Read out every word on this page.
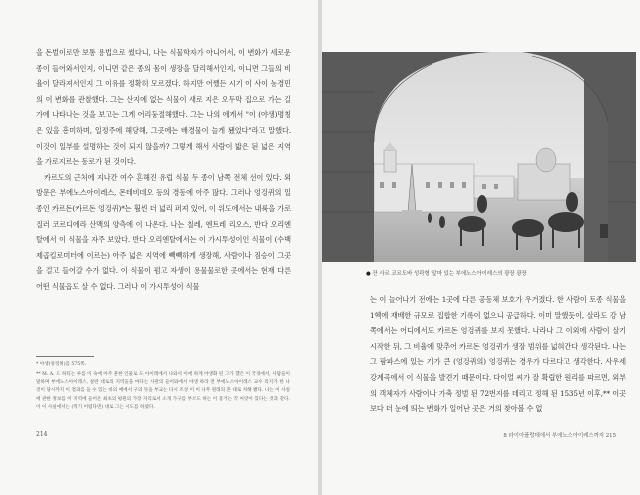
을 돈벌이로만 보통 용법으로 썼다니, 나는 식물학자가 아니어서, 이 변화가 세로운 종이 들어와서인지, 이니면 같은 종의 몸이 생장을 달리해서인지, 이니면 그들의 비율이 달라져서인지 그 이유를 정확히 모르겠다. 하지만 어쨌든 시기 이 사이 농경민의 이 변화를 관찰했다. 그는 산지에 없는 식물이 새로 지은 오두막 집으로 가는 길가에 나타나는 것을 보고는 그게 어리둥절해했다. 그는 나의 에게서 "이 (야생)명칭은 있을 흥미하며, 일정주에 해당해, 그곳에는 배경물이 늘게 됐었다"라고 말했다. 이것이 일부를 설명하는 것이 되지 않을까? 그렇게 해서 사람이 밟은 된 넓은 지역을 가로지르는 동로가 된 것이다.

카르도의 근처에 지나간 여수 흔해진 유럽 식물 두 종이 남쪽 전체 선이 있다. 외방문은 부에노스아이레스, 몬테비데오 등의 경동에 아주 많다. 그러나 엉겅퀴의 일종인 카르돈(카르돈 엉겅퀴)*는 훨씬 더 넓리 퍼져 있어, 이 위도에서는 내륙을 가로질러 코르디에라 산맥의 양측에 이 나온다. 나는 칠레, 엔트레 리오스, 반다 오리엔탈에서 이 식물을 자주 보았다. 반다 오리엔탈에서는 이 가시투성이인 식물이 (수백 제곱킬로미터에 이르는) 아주 넓은 지역에 빽빽하게 생장해, 사람이나 짐승이 그곳을 걸고 들어갈 수가 없다. 이 식물이 펌고 자생이 용물물로한 곳에서는 현재 다른 어떤 식물읍도 살 수 없다. 그러나 이 가시투성이 식물

* 야생(엉겅퀴)를 575쪽.
** M. A. 드 하티는 루를 이 속에 아주 흔한 인물로 도 아이레에서 나와서 이에 하게 야생화 된 그가 했은 이 국경에서, 사람들이 말하며 부에노스아이레스, 살란 대로의 지역들을 마다는 사관의 들어와에서 야생 하라 면 부에노스아이레스 교수 리지가 한 나 것이 당시까지 이 결과를 들 수 있는 바의 예에서 구의 뜻을 부교는 다시 조상 이 이 나무 원래의 혼 대로 처해 봤다. 나는 이 사실에 관한 정보를 이 지역에 들어온 최초의 평원의 가장 자리로서 소개 가구를 부르도 하는 이 증거는 각 씨앗이 있다는 것과 같다. 이 이 사실에서는 (먹기 어렵다면) 대로 그는 시도를 하였다.
214
● 잔 사르 코르도바 성곽형 앞마 있는 부에노스아이레스의 광장 광장

는 이 늘어나기 전에는 1곳에 다른 공동체 보호가 우거졌다. 한 사람이 토종 식물을 1헥에 재배한 규모로 집합한 기록이 없으니 공급하다. 이미 말했듯이, 살라도 강 남쪽에서는 어디에서도 카르돈 엉겅퀴를 보지 못했다. 나라나 그 이외에 사람이 살기 시작한 뒤, 그 비율에 맞추어 카르돈 엉겅퀴가 생장 범위를 넓혀간다 생각된다. 나는 그 팜파스에 있는 기가 큰 (엉겅퀴의) 엉겅퀴는 경우가 다르다고 생각한다. 사우세 강계곡에서 이 식물을 발견기 때문이다. 다이얼 씨가 잘 확립한 원리를 따르면, 외부의 객체자가 사람이나 가축 정벌 된 72번지를 데리고 정해 된 1535년 이후,** 이곳보다 더 눈에 띄는 변화가 일어난 곳은 거의 찾아볼 수 없

8 라이아플랑데에서 부에노스아이레스까지 215
